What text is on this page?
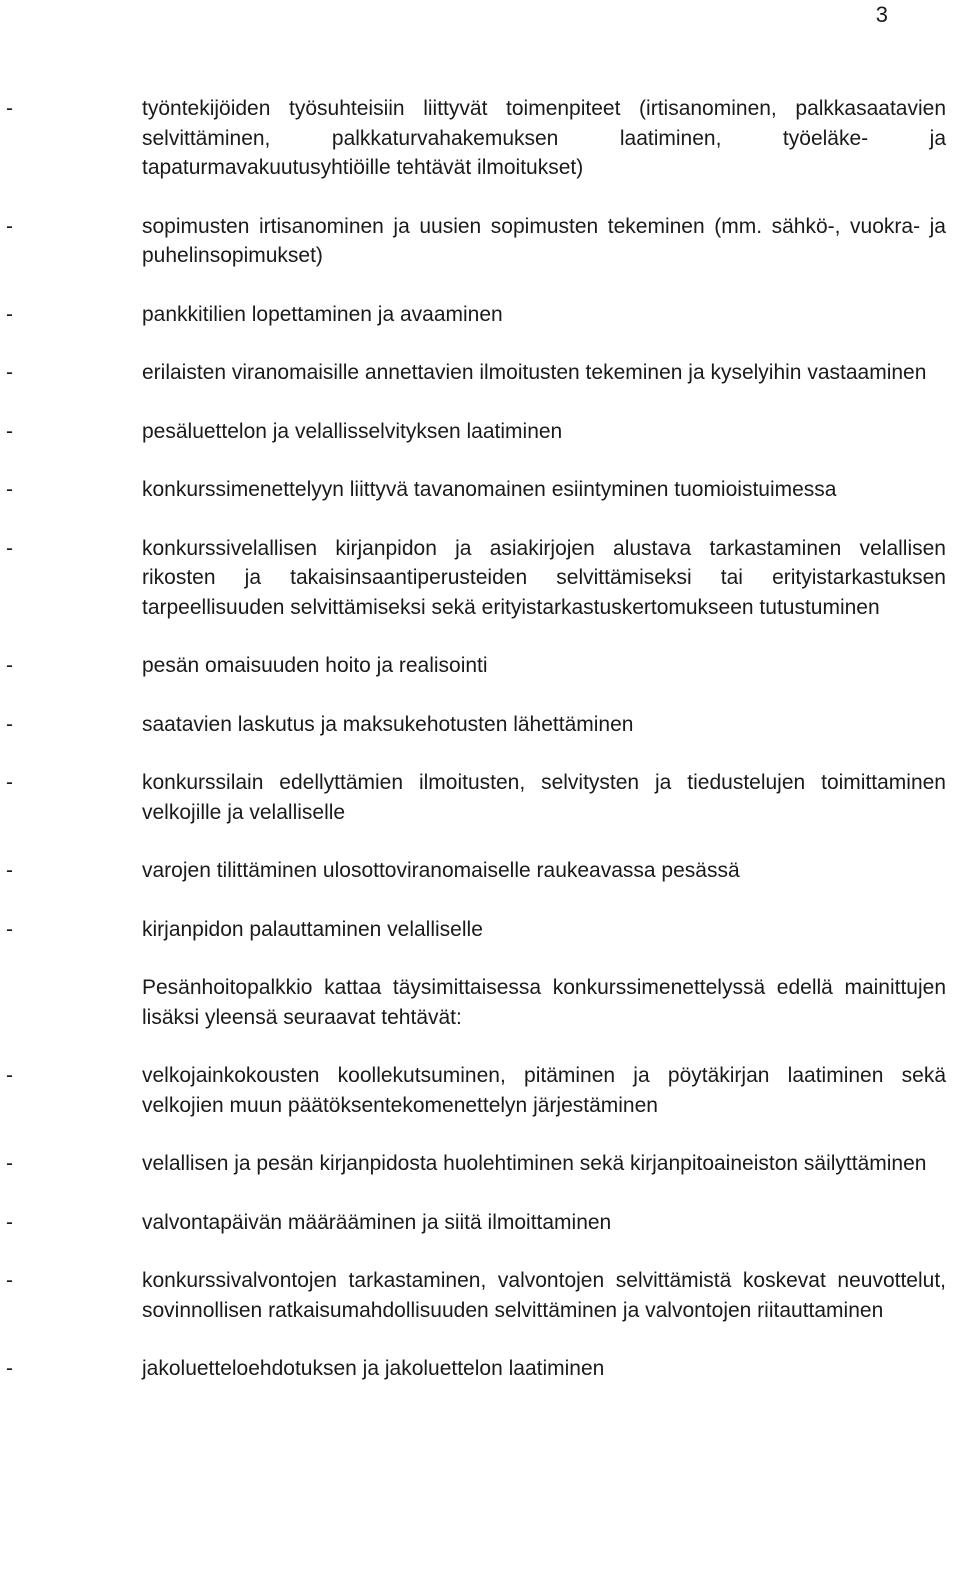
3
-	työntekijöiden työsuhteisiin liittyvät toimenpiteet (irtisanominen, palkkasaatavien selvittäminen, palkkaturvahakemuksen laatiminen, työeläke- ja tapaturmavakuutusyhtiöille tehtävät ilmoitukset)
-	sopimusten irtisanominen ja uusien sopimusten tekeminen (mm. sähkö-, vuokra- ja puhelinsopimukset)
-	pankkitilien lopettaminen ja avaaminen
-	erilaisten viranomaisille annettavien ilmoitusten tekeminen ja kyselyihin vastaaminen
-	pesäluettelon ja velallisselvityksen laatiminen
-	konkurssimenettelyyn liittyvä tavanomainen esiintyminen tuomioistuimessa
-	konkurssivelallisen kirjanpidon ja asiakirjojen alustava tarkastaminen velallisen rikosten ja takaisinsaantiperusteiden selvittämiseksi tai erityistarkastuksen tarpeellisuuden selvittämiseksi sekä erityistarkastuskertomukseen tutustuminen
-	pesän omaisuuden hoito ja realisointi
-	saatavien laskutus ja maksukehotusten lähettäminen
-	konkurssilain edellyttämien ilmoitusten, selvitysten ja tiedustelujen toimittaminen velkojille ja velalliselle
-	varojen tilittäminen ulosottoviranomaiselle raukeavassa pesässä
-	kirjanpidon palauttaminen velalliselle

Pesänhoitopalkkio kattaa täysimittaisessa konkurssimenettelyssä edellä mainittujen lisäksi yleensä seuraavat tehtävät:

-	velkojainkokousten koollekutsuminen, pitäminen ja pöytäkirjan laatiminen sekä velkojien muun päätöksentekomenettelyn järjestäminen
-	velallisen ja pesän kirjanpidosta huolehtiminen sekä kirjanpitoaineiston säilyttäminen
-	valvontapäivän määrääminen ja siitä ilmoittaminen
-	konkurssivalvontojen tarkastaminen, valvontojen selvittämistä koskevat neuvottelut, sovinnollisen ratkaisumahdollisuuden selvittäminen ja valvontojen riitauttaminen
-	jakoluetteloehdotuksen ja jakoluettelon laatiminen
